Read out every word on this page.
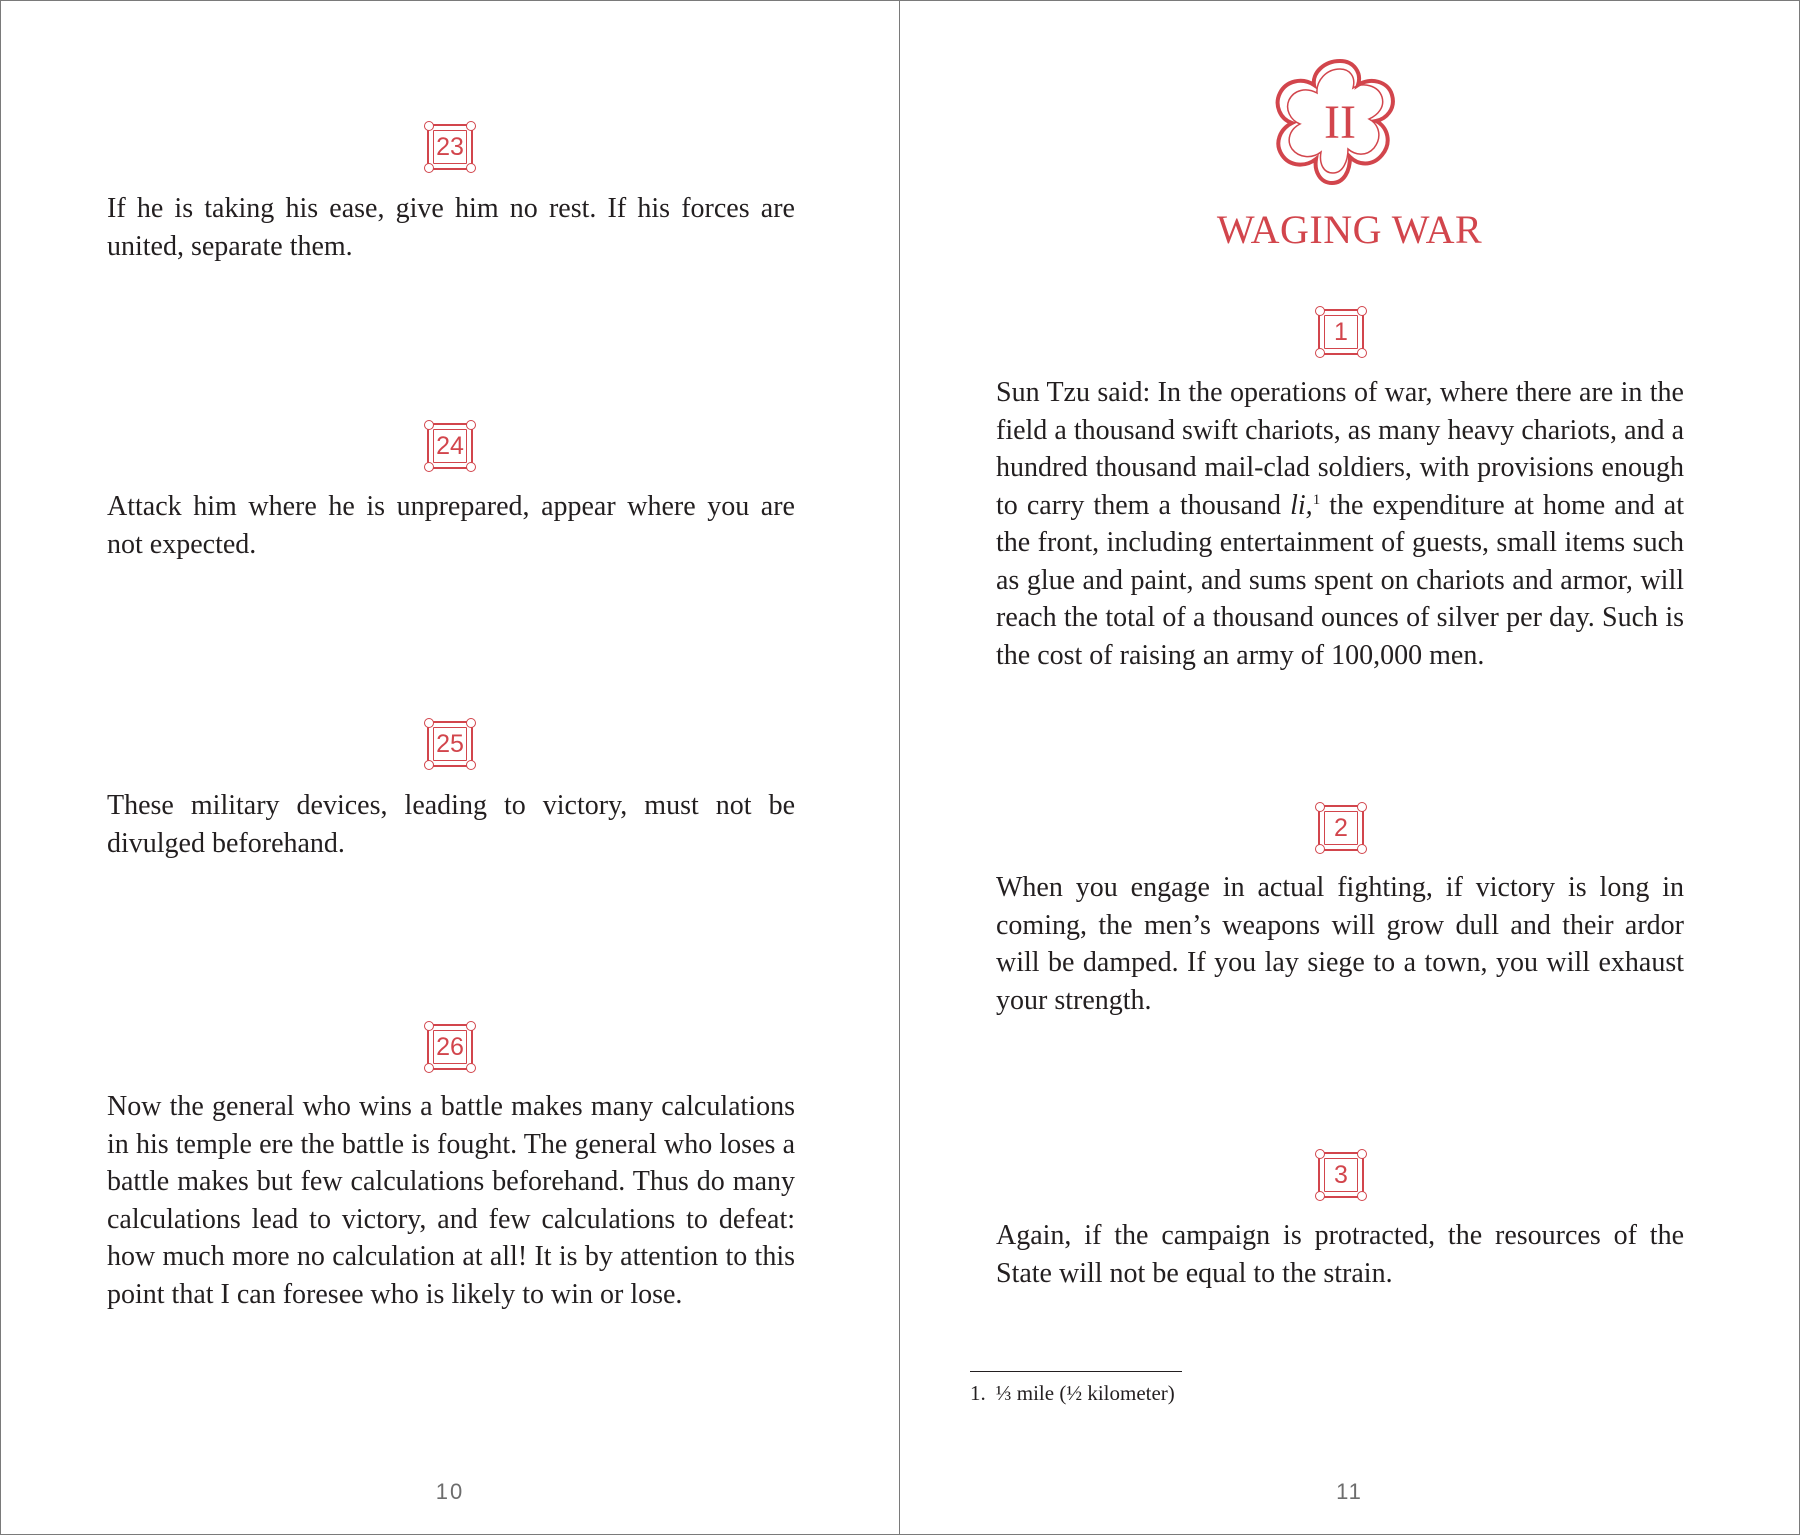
23

If he is taking his ease, give him no rest. If his forces are united, separate them.

24

Attack him where he is unprepared, appear where you are not expected.

25

These military devices, leading to victory, must not be divulged beforehand.

26

Now the general who wins a battle makes many calculations in his temple ere the battle is fought. The general who loses a battle makes but few calculations beforehand. Thus do many calculations lead to victory, and few calculations to defeat: how much more no calculation at all! It is by attention to this point that I can foresee who is likely to win or lose.

10
II
WAGING WAR
1

Sun Tzu said: In the operations of war, where there are in the field a thousand swift chariots, as many heavy chariots, and a hundred thousand mail-clad soldiers, with provisions enough to carry them a thousand li,$^1$ the expenditure at home and at the front, including entertainment of guests, small items such as glue and paint, and sums spent on chariots and armor, will reach the total of a thousand ounces of silver per day. Such is the cost of raising an army of 100,000 men.

2

When you engage in actual fighting, if victory is long in coming, the men’s weapons will grow dull and their ardor will be damped. If you lay siege to a town, you will exhaust your strength.

3

Again, if the campaign is protracted, the resources of the State will not be equal to the strain.

1. ⅓ mile (½ kilometer)
11
